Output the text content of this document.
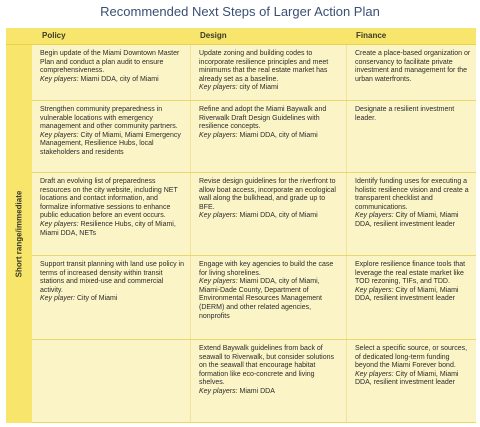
Recommended Next Steps of Larger Action Plan
Policy	Design	Finance
Short range/immediate
Begin update of the Miami Downtown Master Plan and conduct a plan audit to ensure comprehensiveness.
Key players: Miami DDA, city of Miami
Update zoning and building codes to incorporate resilience principles and meet minimums that the real estate market has already set as a baseline.
Key players: city of Miami
Create a place-based organization or conservancy to facilitate private investment and management for the urban waterfronts.
Strengthen community preparedness in vulnerable locations with emergency management and other community partners.
Key players: City of Miami, Miami Emergency Management, Resilience Hubs, local stakeholders and residents
Refine and adopt the Miami Baywalk and Riverwalk Draft Design Guidelines with resilience concepts.
Key players: Miami DDA, city of Miami
Designate a resilient investment leader.
Draft an evolving list of preparedness resources on the city website, including NET locations and contact information, and formalize informative sessions to enhance public education before an event occurs.
Key players: Resilience Hubs, city of Miami, Miami DDA, NETs
Revise design guidelines for the riverfront to allow boat access, incorporate an ecological wall along the bulkhead, and grade up to BFE.
Key players: Miami DDA, city of Miami
Identify funding uses for executing a holistic resilience vision and create a transparent checklist and communications.
Key players: City of Miami, Miami DDA, resilient investment leader
Support transit planning with land use policy in terms of increased density within transit stations and mixed-use and commercial activity.
Key player: City of Miami
Engage with key agencies to build the case for living shorelines.
Key players: Miami DDA, city of Miami, Miami-Dade County, Department of Environmental Resources Management (DERM) and other related agencies, nonprofits
Explore resilience finance tools that leverage the real estate market like TOD rezoning, TIFs, and TDD.
Key players: City of Miami, Miami DDA, resilient investment leader
Extend Baywalk guidelines from back of seawall to Riverwalk, but consider solutions on the seawall that encourage habitat formation like eco-concrete and living shelves.
Key players: Miami DDA
Select a specific source, or sources, of dedicated long-term funding beyond the Miami Forever bond.
Key players: City of Miami, Miami DDA, resilient investment leader
